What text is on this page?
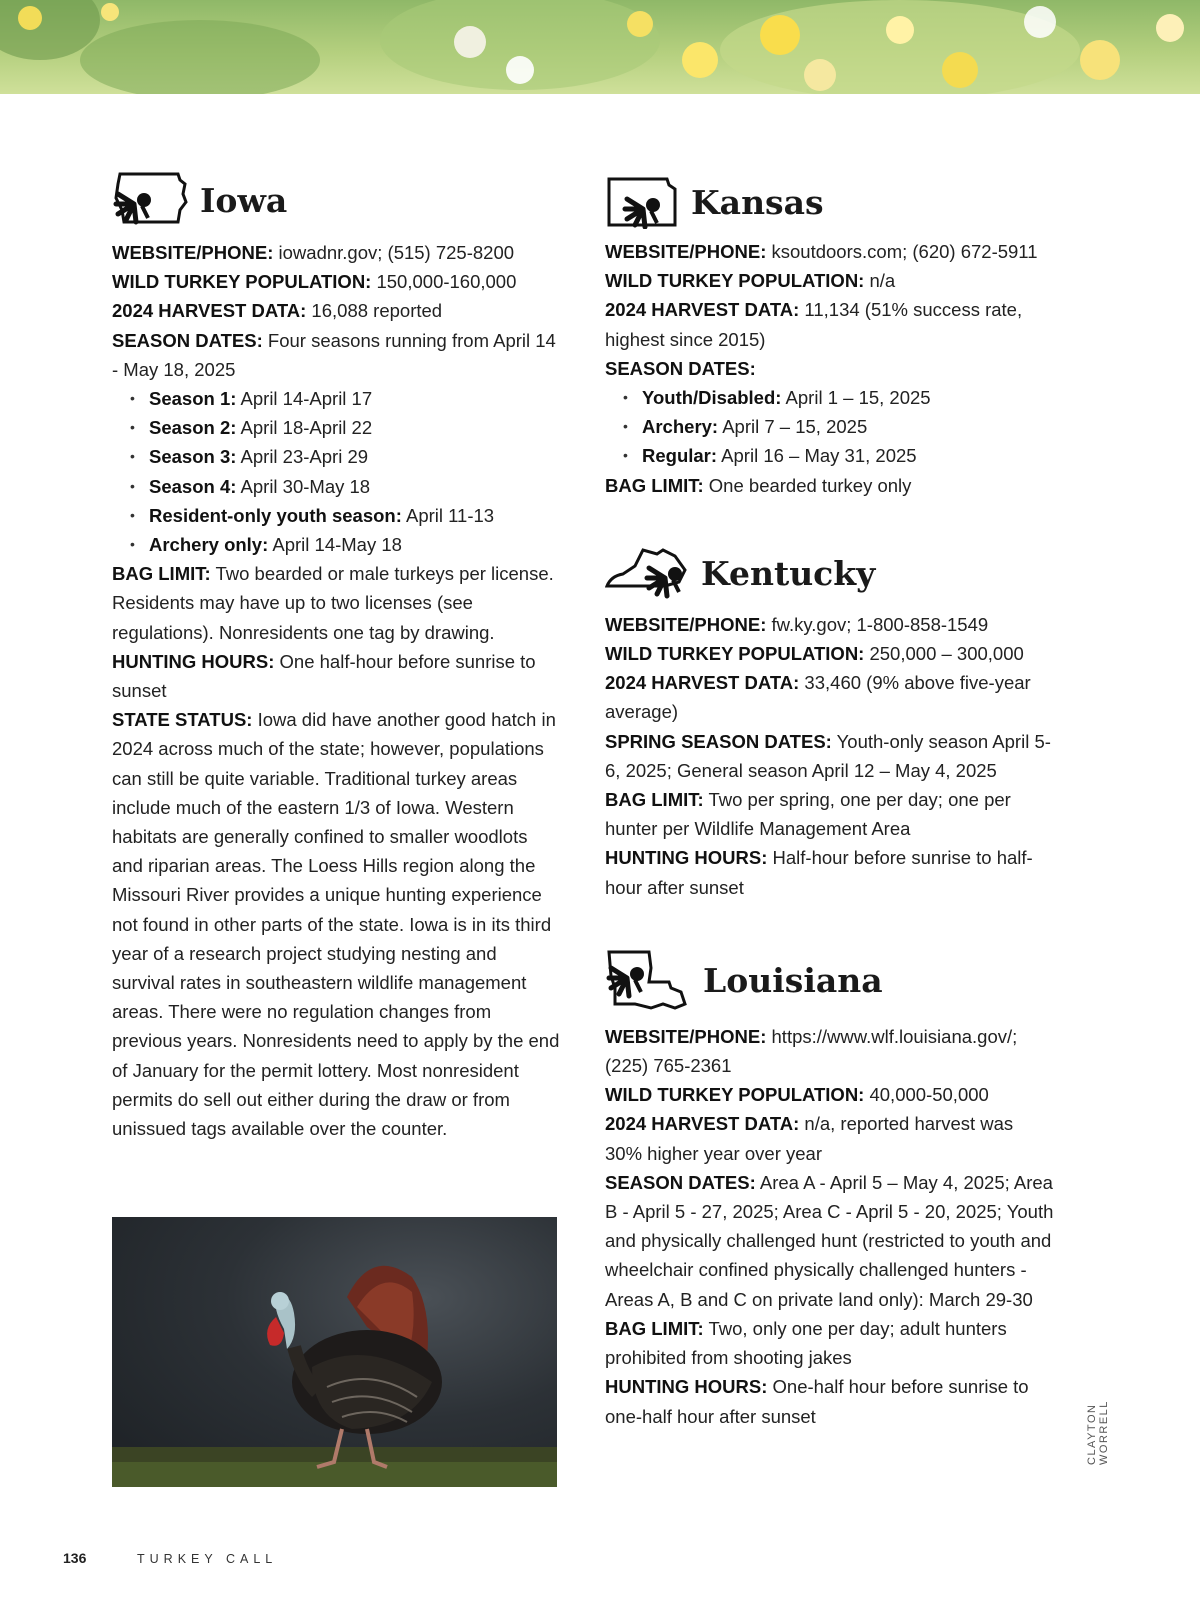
Iowa

WEBSITE/PHONE: iowadnr.gov; (515) 725-8200

WILD TURKEY POPULATION: 150,000-160,000

2024 HARVEST DATA: 16,088 reported

SEASON DATES: Four seasons running from April 14 - May 18, 2025

• Season 1: April 14-April 17
• Season 2: April 18-April 22
• Season 3: April 23-Apri 29
• Season 4: April 30-May 18
• Resident-only youth season: April 11-13
• Archery only: April 14-May 18

BAG LIMIT: Two bearded or male turkeys per license. Residents may have up to two licenses (see regulations). Nonresidents one tag by drawing.

HUNTING HOURS: One half-hour before sunrise to sunset

STATE STATUS: Iowa did have another good hatch in 2024 across much of the state; however, populations can still be quite variable. Traditional turkey areas include much of the eastern 1/3 of Iowa. Western habitats are generally confined to smaller woodlots and riparian areas. The Loess Hills region along the Missouri River provides a unique hunting experience not found in other parts of the state. Iowa is in its third year of a research project studying nesting and survival rates in southeastern wildlife management areas. There were no regulation changes from previous years. Nonresidents need to apply by the end of January for the permit lottery. Most nonresident permits do sell out either during the draw or from unissued tags available over the counter.

Kansas

WEBSITE/PHONE: ksoutdoors.com; (620) 672-5911

WILD TURKEY POPULATION: n/a

2024 HARVEST DATA: 11,134 (51% success rate, highest since 2015)

SEASON DATES:

• Youth/Disabled: April 1 – 15, 2025
• Archery: April 7 – 15, 2025
• Regular: April 16 – May 31, 2025

BAG LIMIT: One bearded turkey only

Kentucky

WEBSITE/PHONE: fw.ky.gov; 1-800-858-1549

WILD TURKEY POPULATION: 250,000 – 300,000

2024 HARVEST DATA: 33,460 (9% above five-year average)

SPRING SEASON DATES: Youth-only season April 5-6, 2025; General season April 12 – May 4, 2025

BAG LIMIT: Two per spring, one per day; one per hunter per Wildlife Management Area

HUNTING HOURS: Half-hour before sunrise to half-hour after sunset

Louisiana

WEBSITE/PHONE: https://www.wlf.louisiana.gov/; (225) 765-2361

WILD TURKEY POPULATION: 40,000-50,000

2024 HARVEST DATA: n/a, reported harvest was 30% higher year over year

SEASON DATES: Area A - April 5 – May 4, 2025; Area B - April 5 - 27, 2025; Area C - April 5 - 20, 2025; Youth and physically challenged hunt (restricted to youth and wheelchair confined physically challenged hunters - Areas A, B and C on private land only): March 29-30

BAG LIMIT: Two, only one per day; adult hunters prohibited from shooting jakes

HUNTING HOURS: One-half hour before sunrise to one-half hour after sunset	CLAYTON WORRELL
136	TURKEY CALL
